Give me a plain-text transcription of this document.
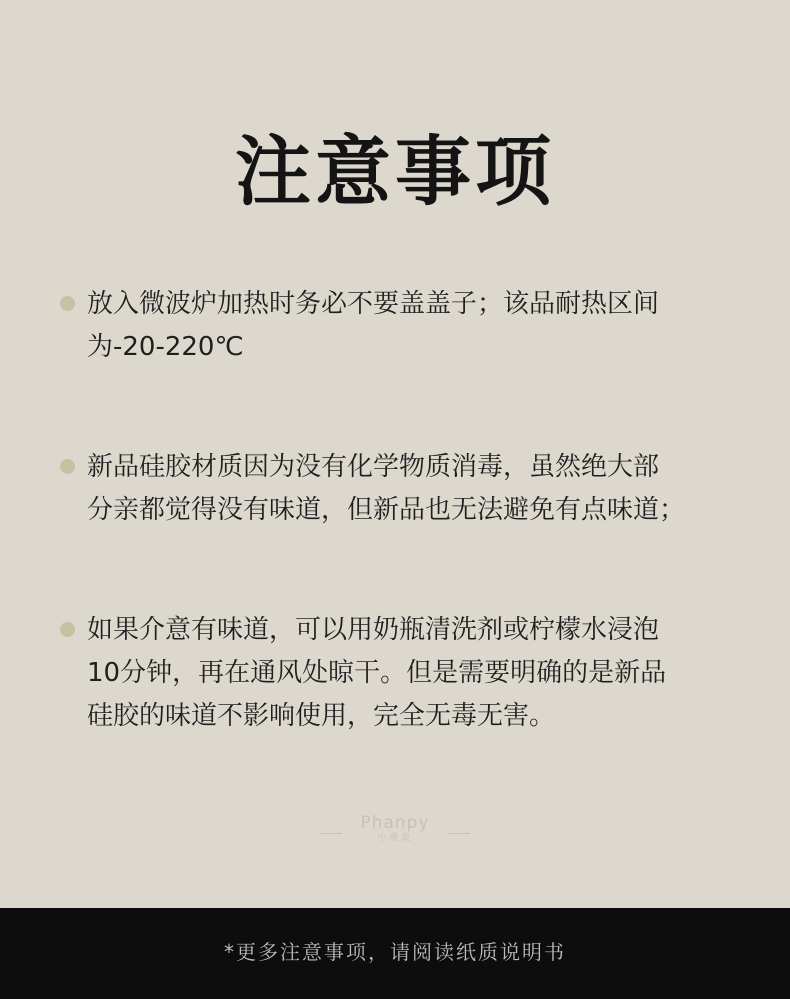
注意事项
放入微波炉加热时务必不要盖盖子；该品耐热区间
为-20-220℃
新品硅胶材质因为没有化学物质消毒，虽然绝大部
分亲都觉得没有味道，但新品也无法避免有点味道；
如果介意有味道，可以用奶瓶清洗剂或柠檬水浸泡
10分钟，再在通风处晾干。但是需要明确的是新品
硅胶的味道不影响使用，完全无毒无害。
Phanpy
小雅象
*更多注意事项，请阅读纸质说明书
